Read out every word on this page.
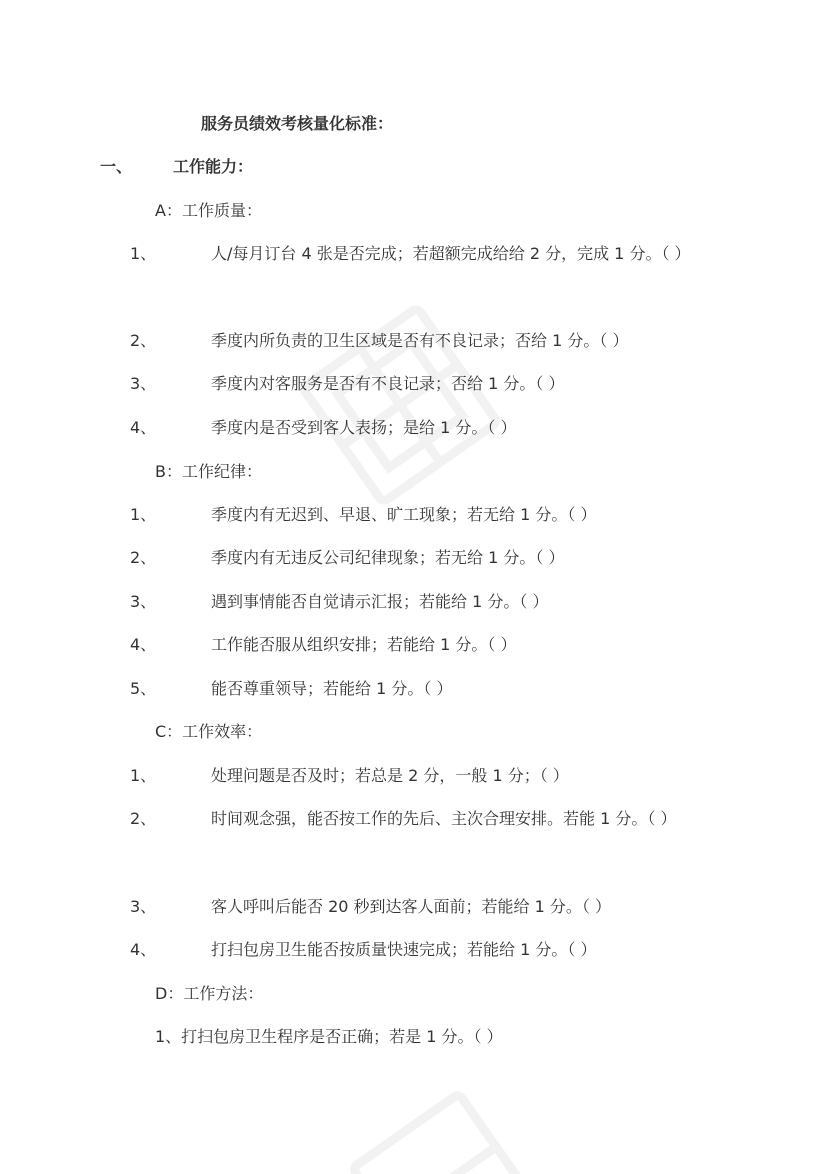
服务员绩效考核量化标准：
一、	工作能力：
A：工作质量：
1、	人/每月订台 4 张是否完成；若超额完成给给 2 分，完成 1 分。（ ）
2、	季度内所负责的卫生区域是否有不良记录；否给 1 分。（ ）
3、	季度内对客服务是否有不良记录；否给 1 分。（ ）
4、	季度内是否受到客人表扬；是给 1 分。（ ）
B：工作纪律：
1、	季度内有无迟到、早退、旷工现象；若无给 1 分。（ ）
2、	季度内有无违反公司纪律现象；若无给 1 分。（ ）
3、	遇到事情能否自觉请示汇报；若能给 1 分。（ ）
4、	工作能否服从组织安排；若能给 1 分。（ ）
5、	能否尊重领导；若能给 1 分。（ ）
C：工作效率：
1、	处理问题是否及时；若总是 2 分，一般 1 分；（ ）
2、	时间观念强，能否按工作的先后、主次合理安排。若能 1 分。（ ）
3、	客人呼叫后能否 20 秒到达客人面前；若能给 1 分。（ ）
4、	打扫包房卫生能否按质量快速完成；若能给 1 分。（ ）
D：工作方法：
1、打扫包房卫生程序是否正确；若是 1 分。（ ）
